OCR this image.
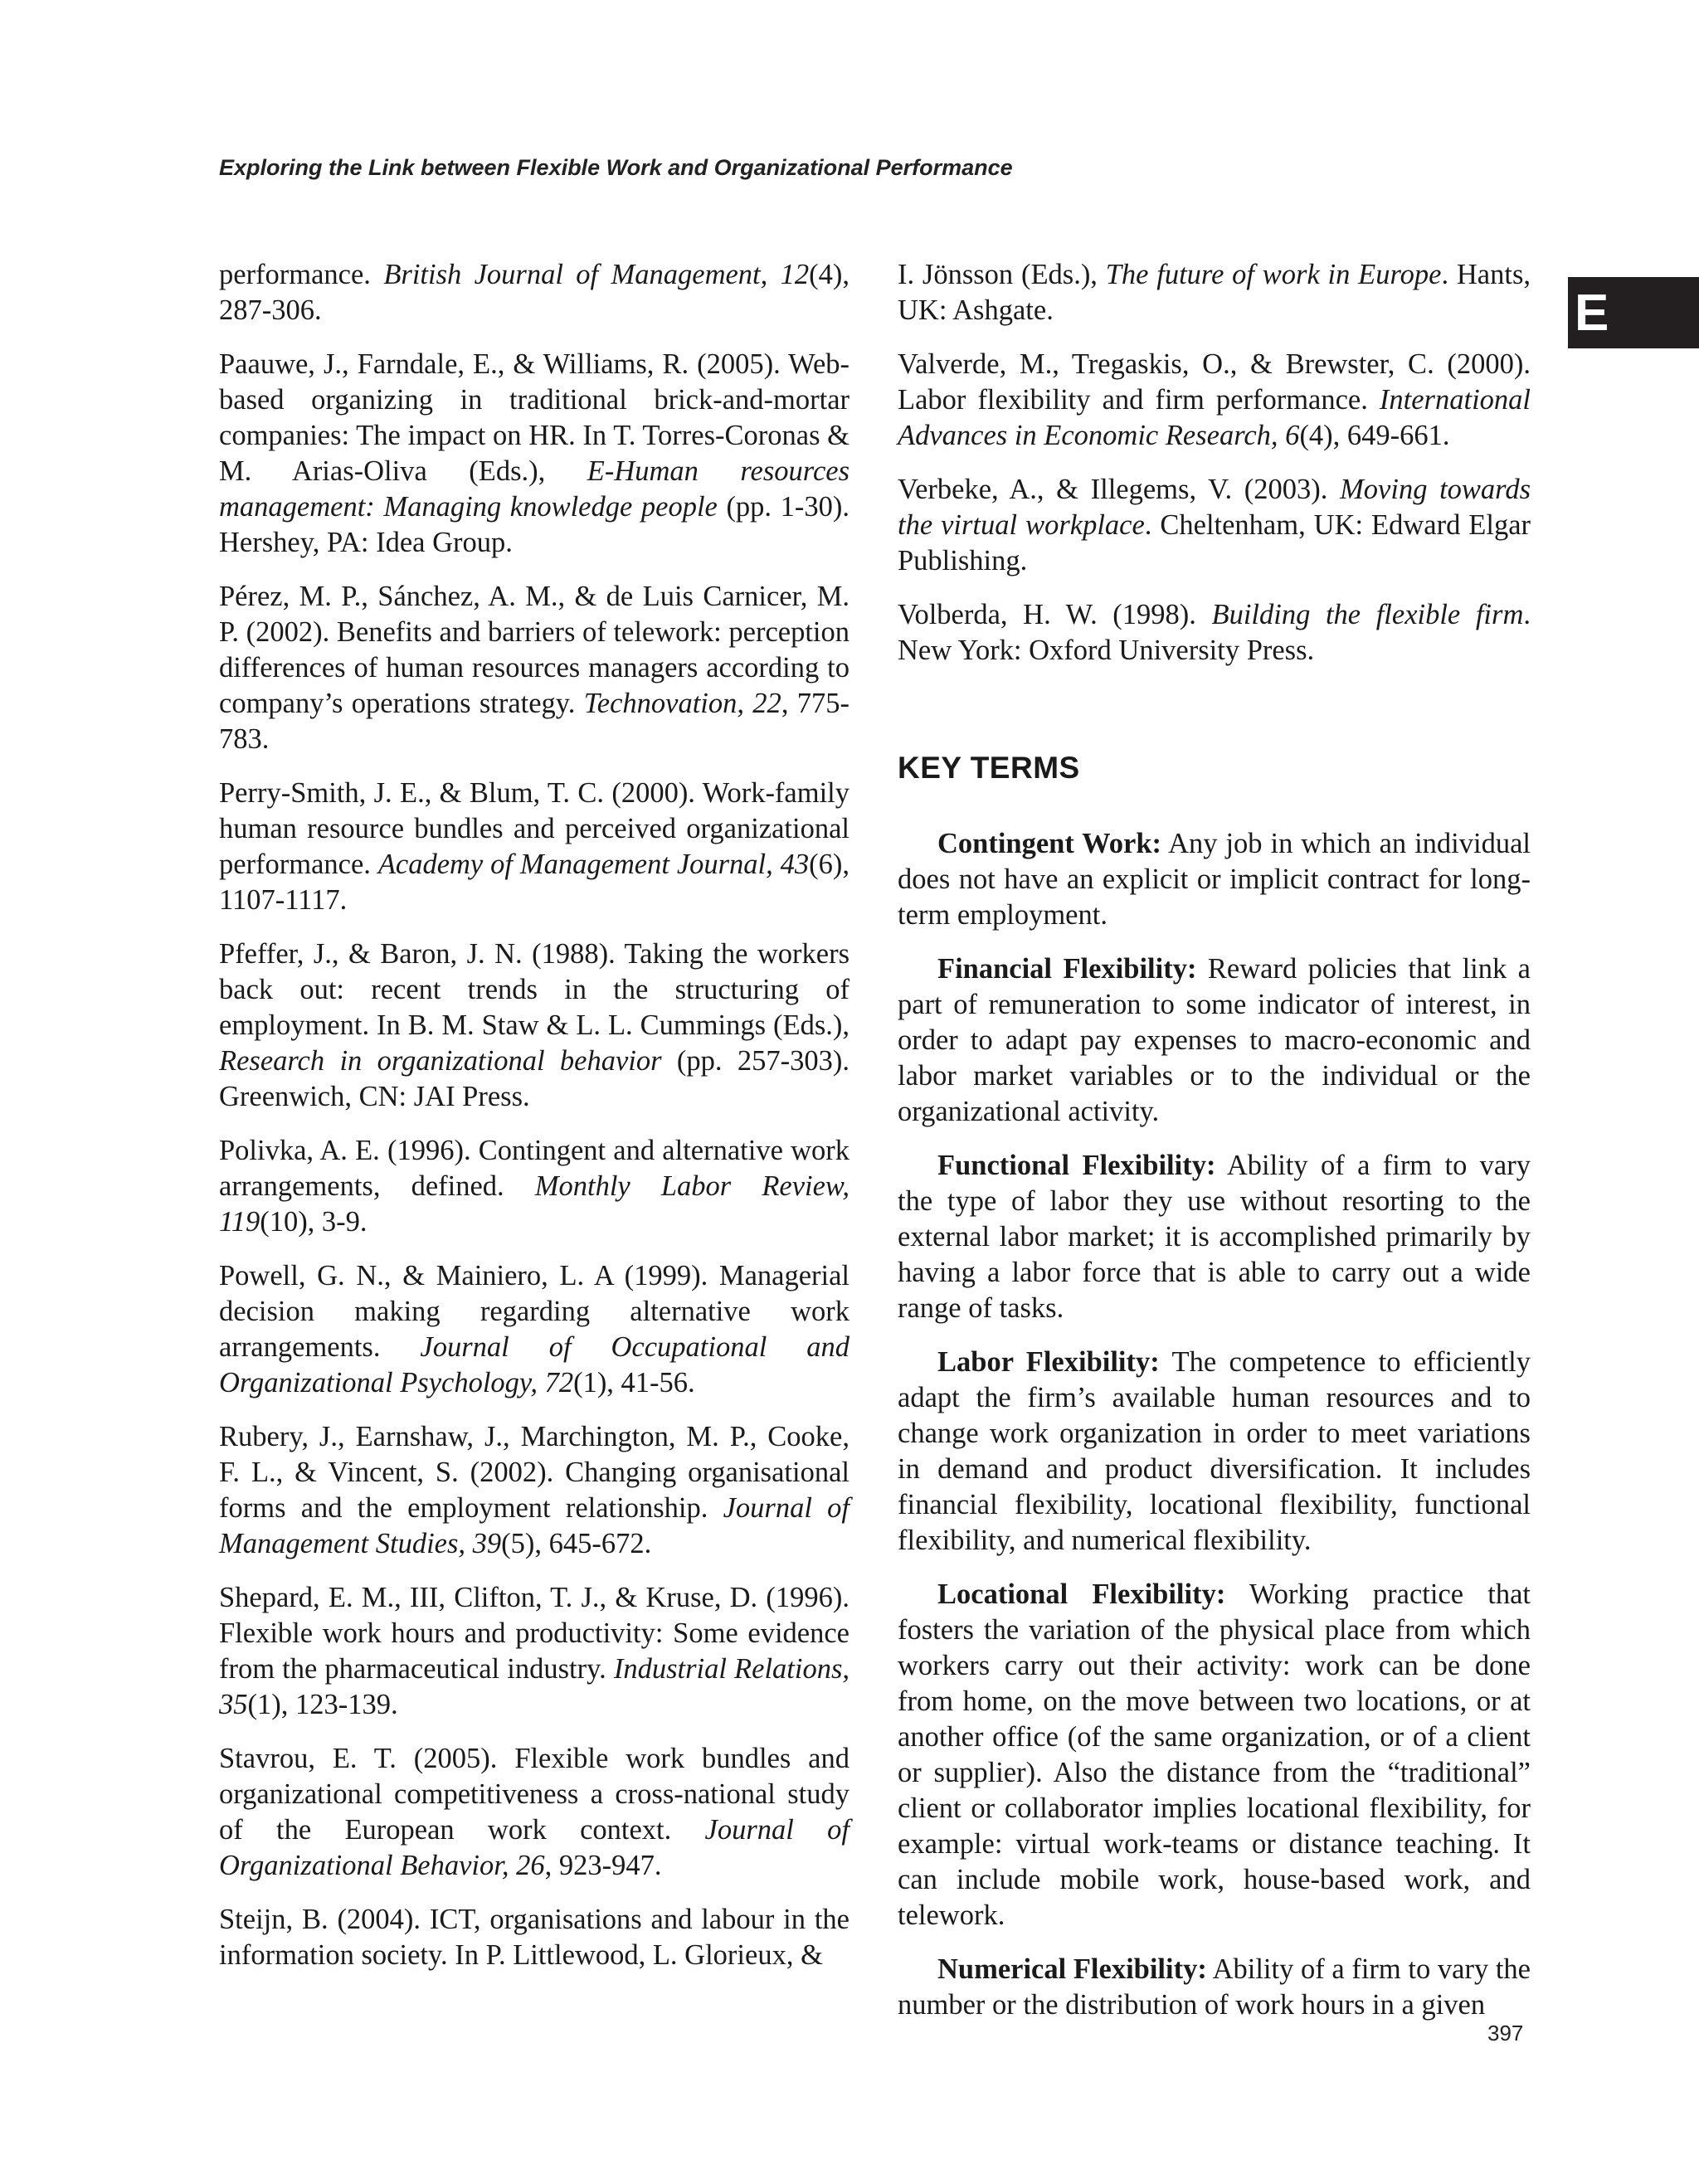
Exploring the Link between Flexible Work and Organizational Performance
E

performance. British Journal of Management, 12(4), 287-306.

Paauwe, J., Farndale, E., & Williams, R. (2005). Web-based organizing in traditional brick-and-mortar companies: The impact on HR. In T. Torres-Coronas & M. Arias-Oliva (Eds.), E-Human resources management: Managing knowledge people (pp. 1-30). Hershey, PA: Idea Group.

Pérez, M. P., Sánchez, A. M., & de Luis Carnicer, M. P. (2002). Benefits and barriers of telework: perception differences of human resources managers according to company’s operations strategy. Technovation, 22, 775-783.

Perry-Smith, J. E., & Blum, T. C. (2000). Work-family human resource bundles and perceived organizational performance. Academy of Management Journal, 43(6), 1107-1117.

Pfeffer, J., & Baron, J. N. (1988). Taking the workers back out: recent trends in the structuring of employment. In B. M. Staw & L. L. Cummings (Eds.), Research in organizational behavior (pp. 257-303). Greenwich, CN: JAI Press.

Polivka, A. E. (1996). Contingent and alternative work arrangements, defined. Monthly Labor Review, 119(10), 3-9.

Powell, G. N., & Mainiero, L. A (1999). Managerial decision making regarding alternative work arrangements. Journal of Occupational and Organizational Psychology, 72(1), 41-56.

Rubery, J., Earnshaw, J., Marchington, M. P., Cooke, F. L., & Vincent, S. (2002). Changing organisational forms and the employment relationship. Journal of Management Studies, 39(5), 645-672.

Shepard, E. M., III, Clifton, T. J., & Kruse, D. (1996). Flexible work hours and productivity: Some evidence from the pharmaceutical industry. Industrial Relations, 35(1), 123-139.

Stavrou, E. T. (2005). Flexible work bundles and organizational competitiveness a cross-national study of the European work context. Journal of Organizational Behavior, 26, 923-947.

Steijn, B. (2004). ICT, organisations and labour in the information society. In P. Littlewood, L. Glorieux, &

I. Jönsson (Eds.), The future of work in Europe. Hants, UK: Ashgate.

Valverde, M., Tregaskis, O., & Brewster, C. (2000). Labor flexibility and firm performance. International Advances in Economic Research, 6(4), 649-661.

Verbeke, A., & Illegems, V. (2003). Moving towards the virtual workplace. Cheltenham, UK: Edward Elgar Publishing.

Volberda, H. W. (1998). Building the flexible firm. New York: Oxford University Press.

KEY TERMS

Contingent Work: Any job in which an individual does not have an explicit or implicit contract for long-term employment.

Financial Flexibility: Reward policies that link a part of remuneration to some indicator of interest, in order to adapt pay expenses to macro-economic and labor market variables or to the individual or the organizational activity.

Functional Flexibility: Ability of a firm to vary the type of labor they use without resorting to the external labor market; it is accomplished primarily by having a labor force that is able to carry out a wide range of tasks.

Labor Flexibility: The competence to efficiently adapt the firm’s available human resources and to change work organization in order to meet variations in demand and product diversification. It includes financial flexibility, locational flexibility, functional flexibility, and numerical flexibility.

Locational Flexibility: Working practice that fosters the variation of the physical place from which workers carry out their activity: work can be done from home, on the move between two locations, or at another office (of the same organization, or of a client or supplier). Also the distance from the “traditional” client or collaborator implies locational flexibility, for example: virtual work-teams or distance teaching. It can include mobile work, house-based work, and telework.

Numerical Flexibility: Ability of a firm to vary the number or the distribution of work hours in a given

397
